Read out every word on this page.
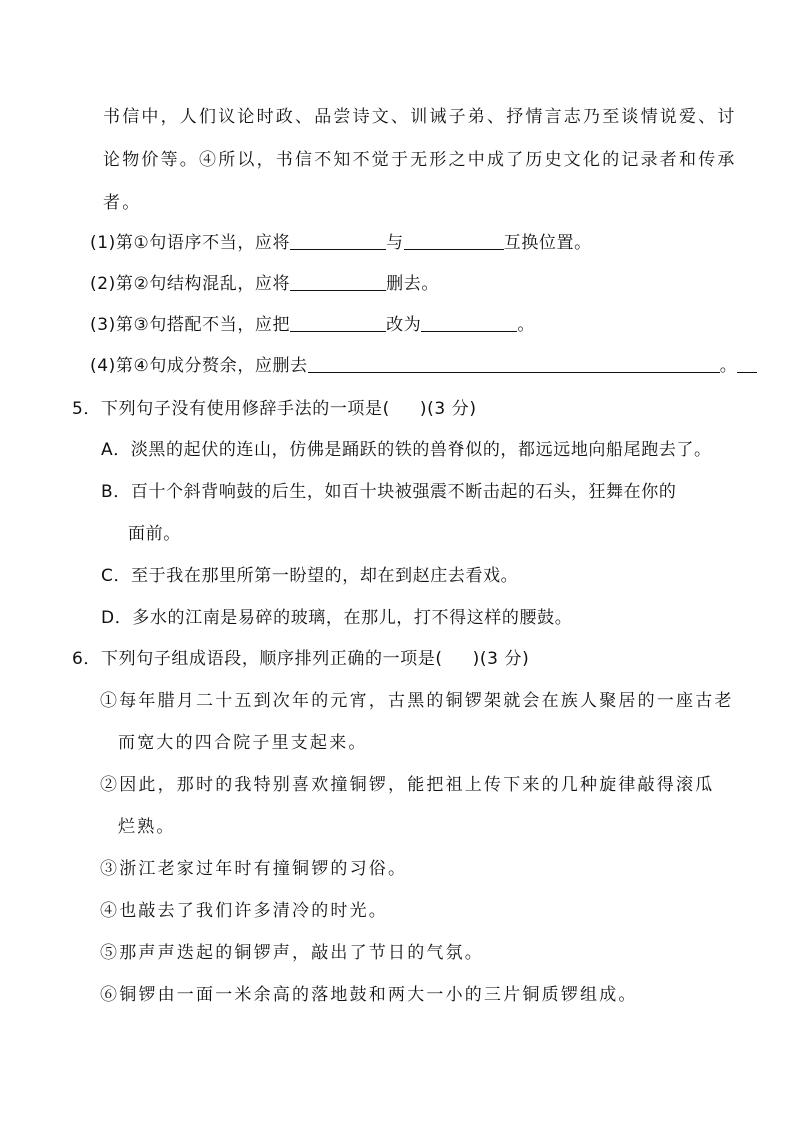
书信中，人们议论时政、品尝诗文、训诫子弟、抒情言志乃至谈情说爱、讨
论物价等。④所以，书信不知不觉于无形之中成了历史文化的记录者和传承
者。
(1)第①句语序不当，应将	与	互换位置。
(2)第②句结构混乱，应将	删去。
(3)第③句搭配不当，应把	改为	。
(4)第④句成分赘余，应删去	。
5．下列句子没有使用修辞手法的一项是( )(3 分)
A．淡黑的起伏的连山，仿佛是踊跃的铁的兽脊似的，都远远地向船尾跑去了。
B．百十个斜背响鼓的后生，如百十块被强震不断击起的石头，狂舞在你的
面前。
C．至于我在那里所第一盼望的，却在到赵庄去看戏。
D．多水的江南是易碎的玻璃，在那儿，打不得这样的腰鼓。
6．下列句子组成语段，顺序排列正确的一项是( )(3 分)
①每年腊月二十五到次年的元宵，古黑的铜锣架就会在族人聚居的一座古老
而宽大的四合院子里支起来。
②因此，那时的我特别喜欢撞铜锣，能把祖上传下来的几种旋律敲得滚瓜
烂熟。
③浙江老家过年时有撞铜锣的习俗。
④也敲去了我们许多清冷的时光。
⑤那声声迭起的铜锣声，敲出了节日的气氛。
⑥铜锣由一面一米余高的落地鼓和两大一小的三片铜质锣组成。
